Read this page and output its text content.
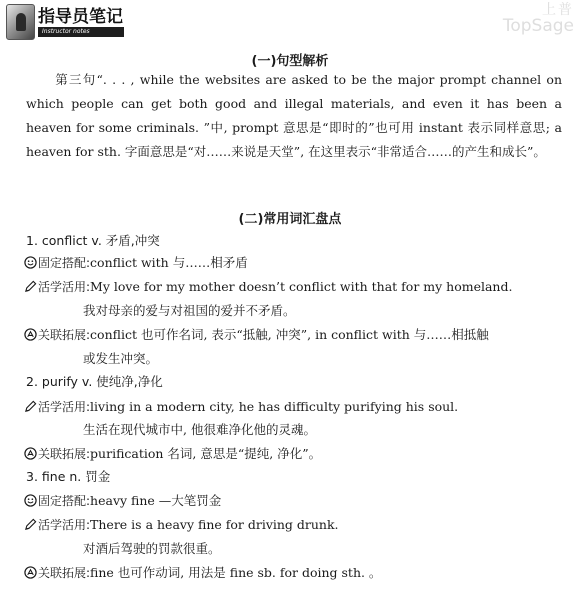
指导员笔记
Instructor notes
上普
TopSage
(一)句型解析
第三句“. . . , while the websites are asked to be the major prompt channel on which people can get both good and illegal materials, and even it has been a heaven for some criminals. ”中, prompt 意思是“即时的”也可用 instant 表示同样意思; a heaven for sth. 字面意思是“对……来说是天堂”, 在这里表示“非常适合……的产生和成长”。
(二)常用词汇盘点
1. conflict v. 矛盾,冲突
固定搭配:conflict with 与……相矛盾
活学活用:My love for my mother doesn’t conflict with that for my homeland.
我对母亲的爱与对祖国的爱并不矛盾。
关联拓展:conflict 也可作名词, 表示“抵触, 冲突”, in conflict with 与……相抵触
或发生冲突。
2. purify v. 使纯净,净化
活学活用:living in a modern city, he has difficulty purifying his soul.
生活在现代城市中, 他很难净化他的灵魂。
关联拓展:purification 名词, 意思是“提纯, 净化”。
3. fine n. 罚金
固定搭配:heavy fine —大笔罚金
活学活用:There is a heavy fine for driving drunk.
对酒后驾驶的罚款很重。
关联拓展:fine 也可作动词, 用法是 fine sb. for doing sth. 。
